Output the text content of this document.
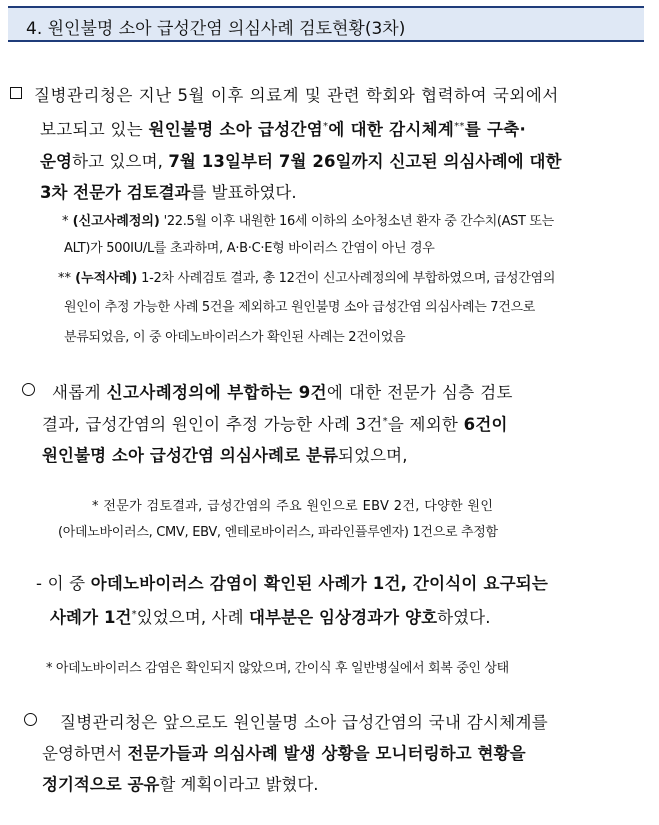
4. 원인불명 소아 급성간염 의심사례 검토현황(3차)
질병관리청은 지난 5월 이후 의료계 및 관련 학회와 협력하여 국외에서
보고되고 있는 원인불명 소아 급성간염*에 대한 감시체계**를 구축·
운영하고 있으며, 7월 13일부터 7월 26일까지 신고된 의심사례에 대한
3차 전문가 검토결과를 발표하였다.
* (신고사례정의) '22.5월 이후 내원한 16세 이하의 소아청소년 환자 중 간수치(AST 또는
ALT)가 500IU/L를 초과하며, A·B·C·E형 바이러스 간염이 아닌 경우
** (누적사례) 1-2차 사례검토 결과, 총 12건이 신고사례정의에 부합하였으며, 급성간염의
원인이 추정 가능한 사례 5건을 제외하고 원인불명 소아 급성간염 의심사례는 7건으로
분류되었음, 이 중 아데노바이러스가 확인된 사례는 2건이었음
새롭게 신고사례정의에 부합하는 9건에 대한 전문가 심층 검토
결과, 급성간염의 원인이 추정 가능한 사례 3건*을 제외한 6건이
원인불명 소아 급성간염 의심사례로 분류되었으며,
* 전문가 검토결과, 급성간염의 주요 원인으로 EBV 2건, 다양한 원인
(아데노바이러스, CMV, EBV, 엔테로바이러스, 파라인플루엔자) 1건으로 추정함
- 이 중 아데노바이러스 감염이 확인된 사례가 1건, 간이식이 요구되는
사례가 1건*있었으며, 사례 대부분은 임상경과가 양호하였다.
* 아데노바이러스 감염은 확인되지 않았으며, 간이식 후 일반병실에서 회복 중인 상태
질병관리청은 앞으로도 원인불명 소아 급성간염의 국내 감시체계를
운영하면서 전문가들과 의심사례 발생 상황을 모니터링하고 현황을
정기적으로 공유할 계획이라고 밝혔다.
